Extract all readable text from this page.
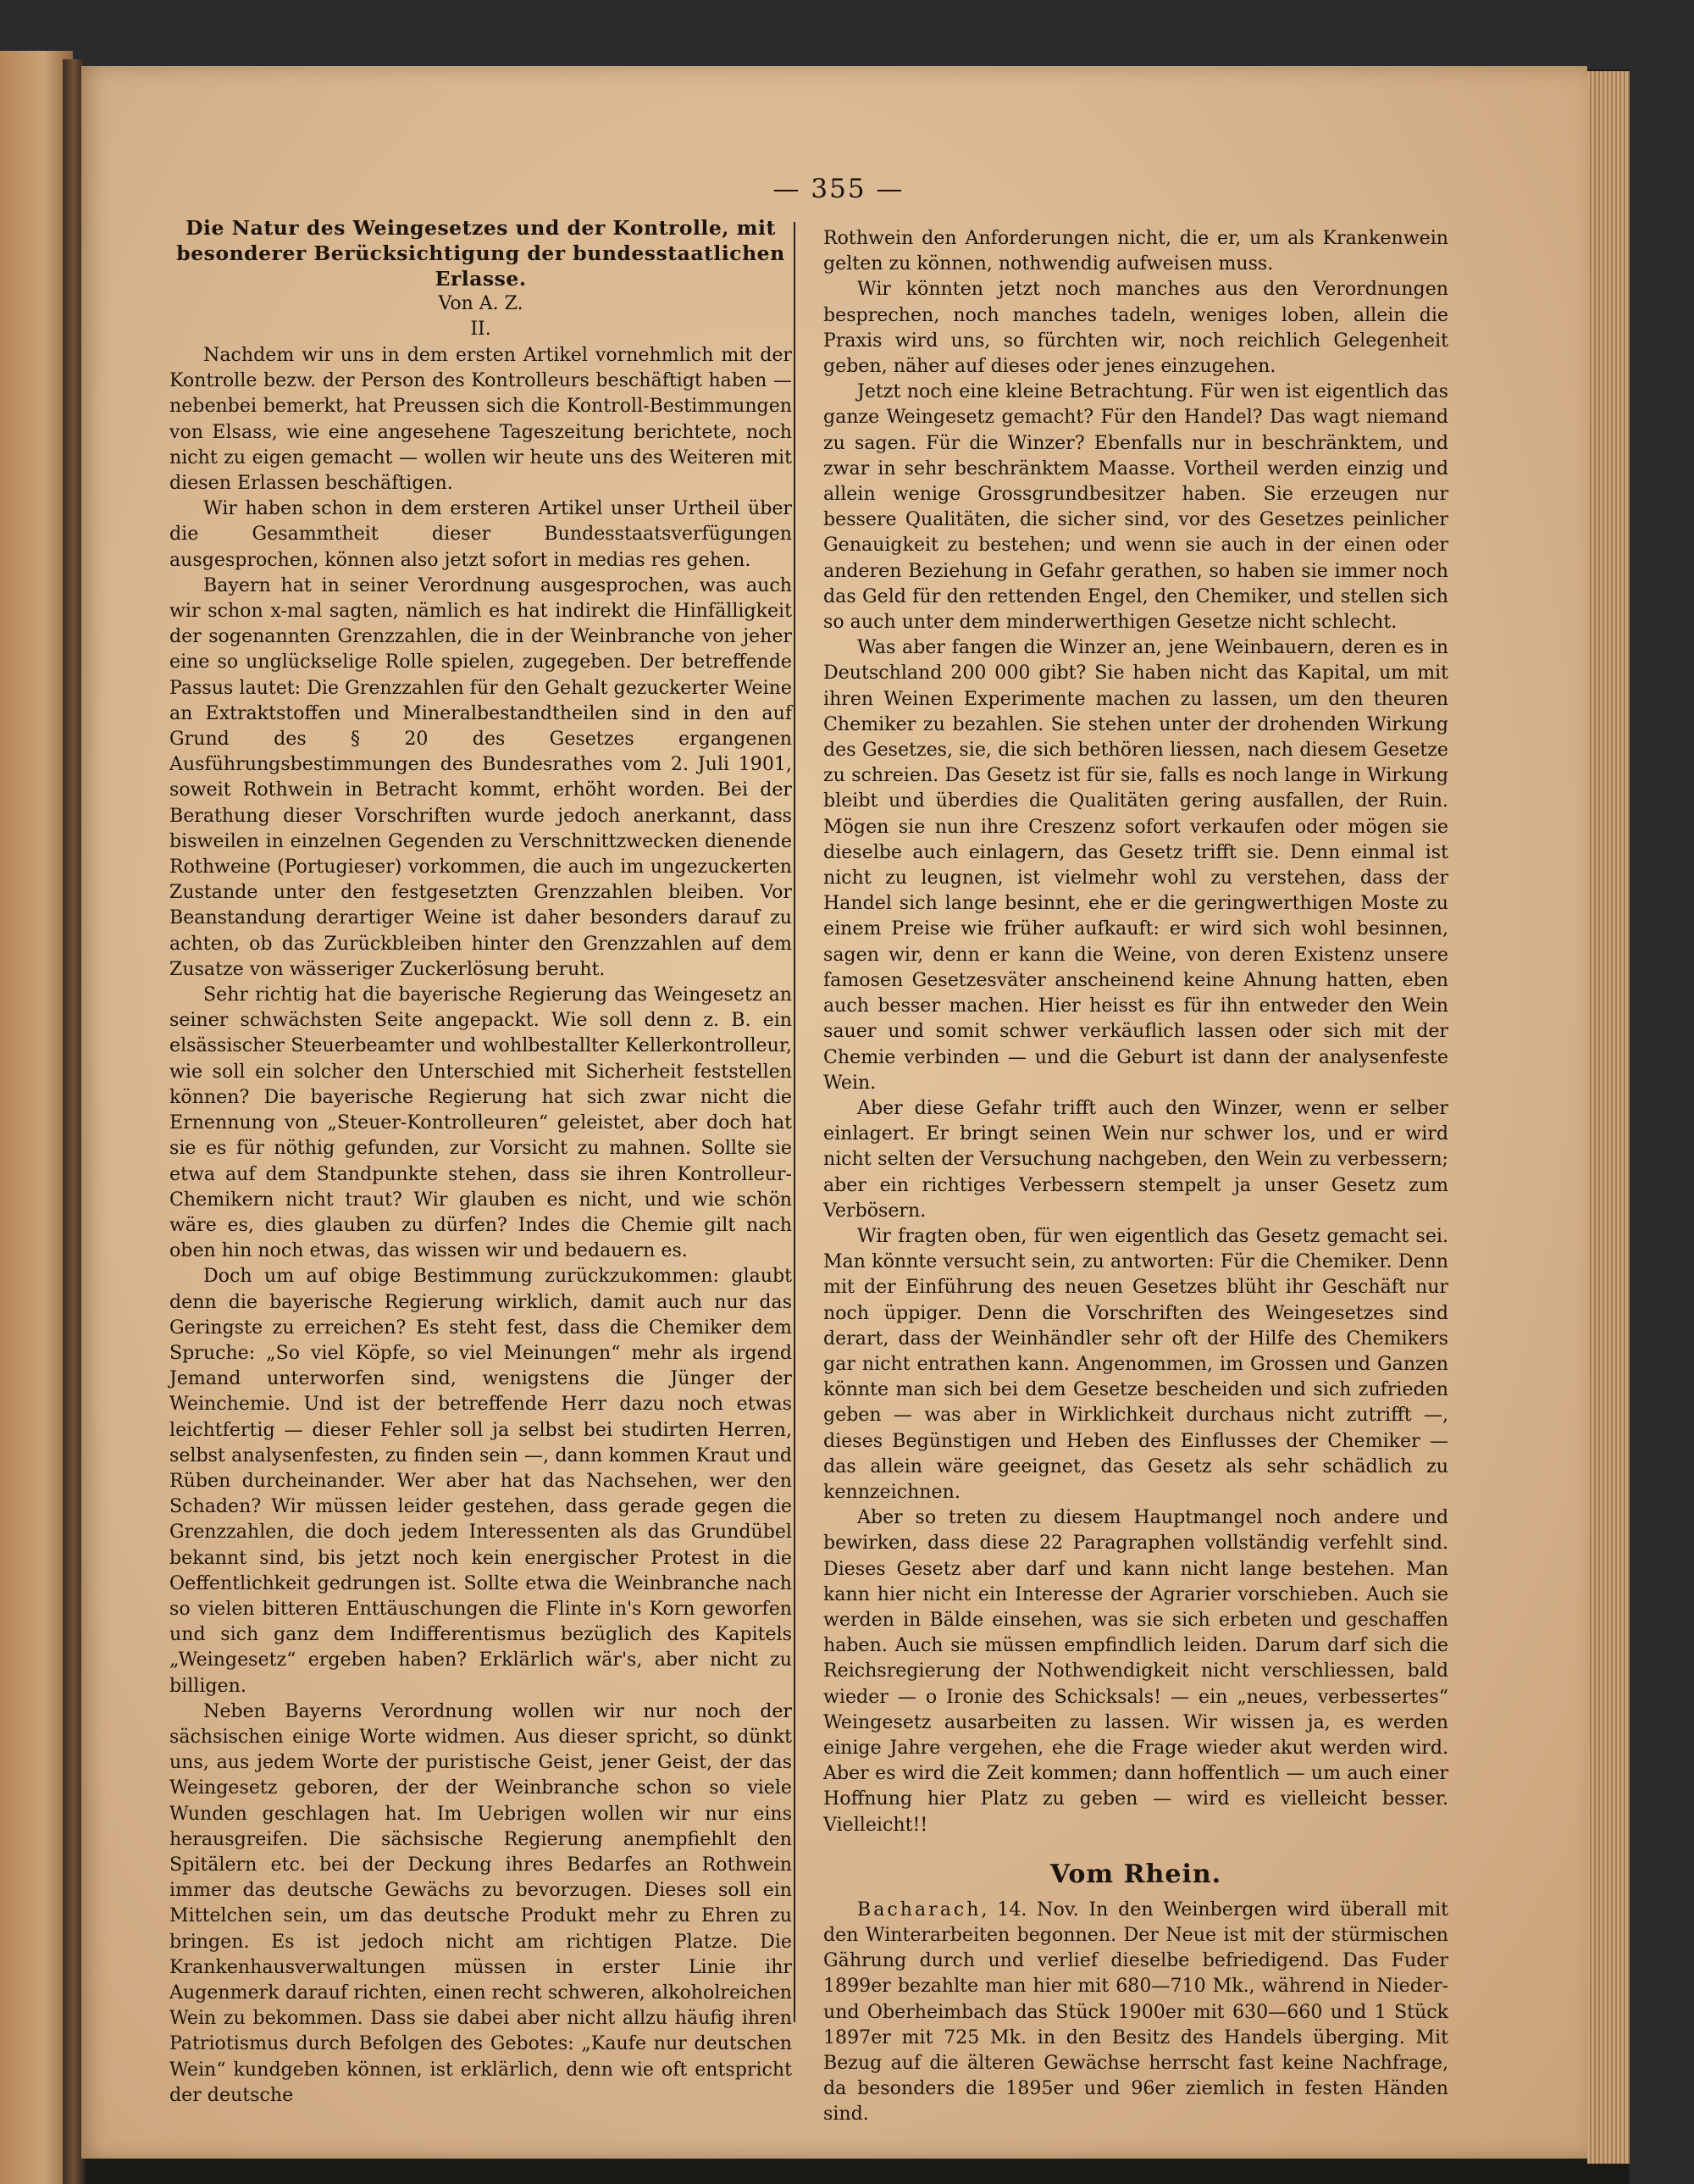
— 355 —
Die Natur des Weingesetzes und der Kontrolle, mit besonderer Berücksichtigung der bundesstaatlichen Erlasse.

Von A. Z.

II.

Nachdem wir uns in dem ersten Artikel vornehmlich mit der Kontrolle bezw. der Person des Kontrolleurs beschäftigt haben — nebenbei bemerkt, hat Preussen sich die Kontroll-Bestimmungen von Elsass, wie eine angesehene Tageszeitung berichtete, noch nicht zu eigen gemacht — wollen wir heute uns des Weiteren mit diesen Erlassen beschäftigen.

Wir haben schon in dem ersteren Artikel unser Urtheil über die Gesammtheit dieser Bundesstaatsverfügungen ausgesprochen, können also jetzt sofort in medias res gehen.

Bayern hat in seiner Verordnung ausgesprochen, was auch wir schon x-mal sagten, nämlich es hat indirekt die Hinfälligkeit der sogenannten Grenzzahlen, die in der Weinbranche von jeher eine so unglückselige Rolle spielen, zugegeben. Der betreffende Passus lautet: Die Grenzzahlen für den Gehalt gezuckerter Weine an Extraktstoffen und Mineralbestandtheilen sind in den auf Grund des § 20 des Gesetzes ergangenen Ausführungsbestimmungen des Bundesrathes vom 2. Juli 1901, soweit Rothwein in Betracht kommt, erhöht worden. Bei der Berathung dieser Vorschriften wurde jedoch anerkannt, dass bisweilen in einzelnen Gegenden zu Verschnittzwecken dienende Rothweine (Portugieser) vorkommen, die auch im ungezuckerten Zustande unter den festgesetzten Grenzzahlen bleiben. Vor Beanstandung derartiger Weine ist daher besonders darauf zu achten, ob das Zurückbleiben hinter den Grenzzahlen auf dem Zusatze von wässeriger Zuckerlösung beruht.

Sehr richtig hat die bayerische Regierung das Weingesetz an seiner schwächsten Seite angepackt. Wie soll denn z. B. ein elsässischer Steuerbeamter und wohlbestallter Kellerkontrolleur, wie soll ein solcher den Unterschied mit Sicherheit feststellen können? Die bayerische Regierung hat sich zwar nicht die Ernennung von „Steuer-Kontrolleuren“ geleistet, aber doch hat sie es für nöthig gefunden, zur Vorsicht zu mahnen. Sollte sie etwa auf dem Standpunkte stehen, dass sie ihren Kontrolleur-Chemikern nicht traut? Wir glauben es nicht, und wie schön wäre es, dies glauben zu dürfen? Indes die Chemie gilt nach oben hin noch etwas, das wissen wir und bedauern es.

Doch um auf obige Bestimmung zurückzukommen: glaubt denn die bayerische Regierung wirklich, damit auch nur das Geringste zu erreichen? Es steht fest, dass die Chemiker dem Spruche: „So viel Köpfe, so viel Meinungen“ mehr als irgend Jemand unterworfen sind, wenigstens die Jünger der Weinchemie. Und ist der betreffende Herr dazu noch etwas leichtfertig — dieser Fehler soll ja selbst bei studirten Herren, selbst analysenfesten, zu finden sein —, dann kommen Kraut und Rüben durcheinander. Wer aber hat das Nachsehen, wer den Schaden? Wir müssen leider gestehen, dass gerade gegen die Grenzzahlen, die doch jedem Interessenten als das Grundübel bekannt sind, bis jetzt noch kein energischer Protest in die Oeffentlichkeit gedrungen ist. Sollte etwa die Weinbranche nach so vielen bitteren Enttäuschungen die Flinte in's Korn geworfen und sich ganz dem Indifferentismus bezüglich des Kapitels „Weingesetz“ ergeben haben? Erklärlich wär's, aber nicht zu billigen.

Neben Bayerns Verordnung wollen wir nur noch der sächsischen einige Worte widmen. Aus dieser spricht, so dünkt uns, aus jedem Worte der puristische Geist, jener Geist, der das Weingesetz geboren, der der Weinbranche schon so viele Wunden geschlagen hat. Im Uebrigen wollen wir nur eins herausgreifen. Die sächsische Regierung anempfiehlt den Spitälern etc. bei der Deckung ihres Bedarfes an Rothwein immer das deutsche Gewächs zu bevorzugen. Dieses soll ein Mittelchen sein, um das deutsche Produkt mehr zu Ehren zu bringen. Es ist jedoch nicht am richtigen Platze. Die Krankenhausverwaltungen müssen in erster Linie ihr Augenmerk darauf richten, einen recht schweren, alkoholreichen Wein zu bekommen. Dass sie dabei aber nicht allzu häufig ihren Patriotismus durch Befolgen des Gebotes: „Kaufe nur deutschen Wein“ kundgeben können, ist erklärlich, denn wie oft entspricht der deutsche

Rothwein den Anforderungen nicht, die er, um als Krankenwein gelten zu können, nothwendig aufweisen muss.

Wir könnten jetzt noch manches aus den Verordnungen besprechen, noch manches tadeln, weniges loben, allein die Praxis wird uns, so fürchten wir, noch reichlich Gelegenheit geben, näher auf dieses oder jenes einzugehen.

Jetzt noch eine kleine Betrachtung. Für wen ist eigentlich das ganze Weingesetz gemacht? Für den Handel? Das wagt niemand zu sagen. Für die Winzer? Ebenfalls nur in beschränktem, und zwar in sehr beschränktem Maasse. Vortheil werden einzig und allein wenige Grossgrundbesitzer haben. Sie erzeugen nur bessere Qualitäten, die sicher sind, vor des Gesetzes peinlicher Genauigkeit zu bestehen; und wenn sie auch in der einen oder anderen Beziehung in Gefahr gerathen, so haben sie immer noch das Geld für den rettenden Engel, den Chemiker, und stellen sich so auch unter dem minderwerthigen Gesetze nicht schlecht.

Was aber fangen die Winzer an, jene Weinbauern, deren es in Deutschland 200 000 gibt? Sie haben nicht das Kapital, um mit ihren Weinen Experimente machen zu lassen, um den theuren Chemiker zu bezahlen. Sie stehen unter der drohenden Wirkung des Gesetzes, sie, die sich bethören liessen, nach diesem Gesetze zu schreien. Das Gesetz ist für sie, falls es noch lange in Wirkung bleibt und überdies die Qualitäten gering ausfallen, der Ruin. Mögen sie nun ihre Creszenz sofort verkaufen oder mögen sie dieselbe auch einlagern, das Gesetz trifft sie. Denn einmal ist nicht zu leugnen, ist vielmehr wohl zu verstehen, dass der Handel sich lange besinnt, ehe er die geringwerthigen Moste zu einem Preise wie früher aufkauft: er wird sich wohl besinnen, sagen wir, denn er kann die Weine, von deren Existenz unsere famosen Gesetzesväter anscheinend keine Ahnung hatten, eben auch besser machen. Hier heisst es für ihn entweder den Wein sauer und somit schwer verkäuflich lassen oder sich mit der Chemie verbinden — und die Geburt ist dann der analysenfeste Wein.

Aber diese Gefahr trifft auch den Winzer, wenn er selber einlagert. Er bringt seinen Wein nur schwer los, und er wird nicht selten der Versuchung nachgeben, den Wein zu verbessern; aber ein richtiges Verbessern stempelt ja unser Gesetz zum Verbösern.

Wir fragten oben, für wen eigentlich das Gesetz gemacht sei. Man könnte versucht sein, zu antworten: Für die Chemiker. Denn mit der Einführung des neuen Gesetzes blüht ihr Geschäft nur noch üppiger. Denn die Vorschriften des Weingesetzes sind derart, dass der Weinhändler sehr oft der Hilfe des Chemikers gar nicht entrathen kann. Angenommen, im Grossen und Ganzen könnte man sich bei dem Gesetze bescheiden und sich zufrieden geben — was aber in Wirklichkeit durchaus nicht zutrifft —, dieses Begünstigen und Heben des Einflusses der Chemiker — das allein wäre geeignet, das Gesetz als sehr schädlich zu kennzeichnen.

Aber so treten zu diesem Hauptmangel noch andere und bewirken, dass diese 22 Paragraphen vollständig verfehlt sind. Dieses Gesetz aber darf und kann nicht lange bestehen. Man kann hier nicht ein Interesse der Agrarier vorschieben. Auch sie werden in Bälde einsehen, was sie sich erbeten und geschaffen haben. Auch sie müssen empfindlich leiden. Darum darf sich die Reichsregierung der Nothwendigkeit nicht verschliessen, bald wieder — o Ironie des Schicksals! — ein „neues, verbessertes“ Weingesetz ausarbeiten zu lassen. Wir wissen ja, es werden einige Jahre vergehen, ehe die Frage wieder akut werden wird. Aber es wird die Zeit kommen; dann hoffentlich — um auch einer Hoffnung hier Platz zu geben — wird es vielleicht besser. Vielleicht!!

Vom Rhein.

Bacharach, 14. Nov. In den Weinbergen wird überall mit den Winterarbeiten begonnen. Der Neue ist mit der stürmischen Gährung durch und verlief dieselbe befriedigend. Das Fuder 1899er bezahlte man hier mit 680—710 Mk., während in Nieder- und Oberheimbach das Stück 1900er mit 630—660 und 1 Stück 1897er mit 725 Mk. in den Besitz des Handels überging. Mit Bezug auf die älteren Gewächse herrscht fast keine Nachfrage, da besonders die 1895er und 96er ziemlich in festen Händen sind.
